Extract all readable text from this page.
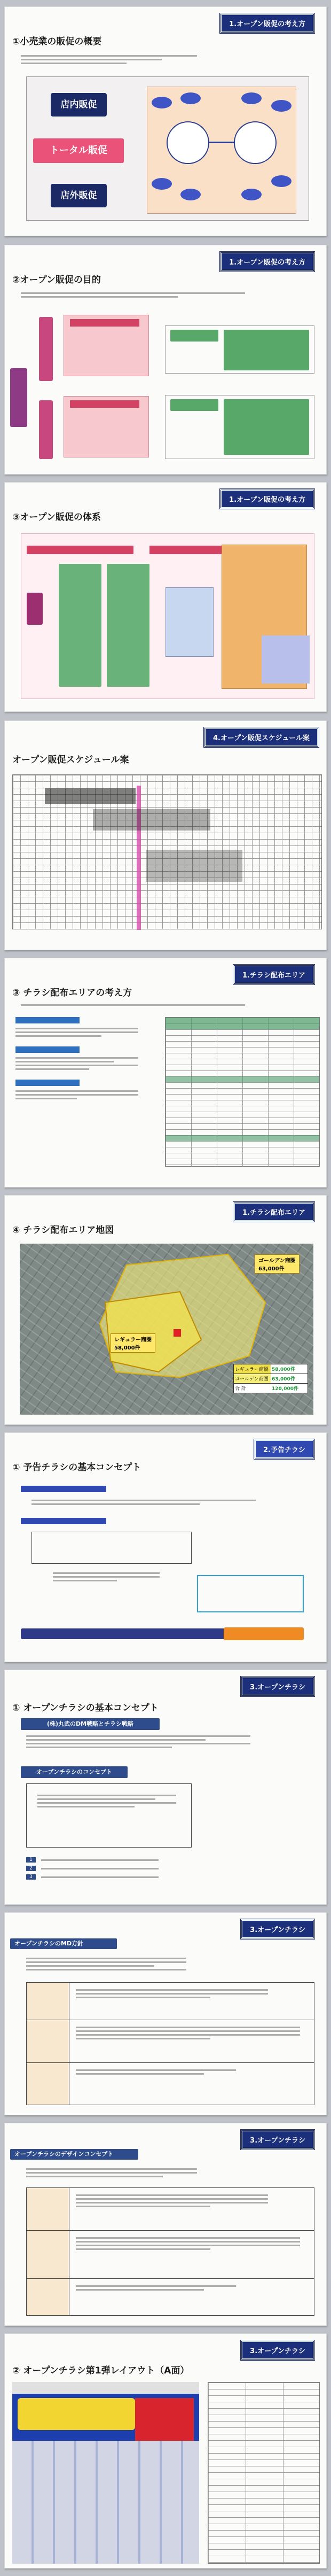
1.オープン販促の考え方
①小売業の販促の概要
店内販促
トータル販促
店外販促
1.オープン販促の考え方
②オープン販促の目的
1.オープン販促の考え方
③オープン販促の体系
4.オープン販促スケジュール案
オープン販促スケジュール案
1.チラシ配布エリア
③ チラシ配布エリアの考え方
1.チラシ配布エリア
④ チラシ配布エリア地図
レギュラー商圏
58,000件
ゴールデン商圏
63,000件
レギュラー商圏 58,000件
ゴールデン商圏 63,000件
合 計	120,000件
2.予告チラシ
① 予告チラシの基本コンセプト
3.オープンチラシ
① オープンチラシの基本コンセプト
(株)丸武のDM戦略とチラシ戦略
オープンチラシのコンセプト
1
2
3
3.オープンチラシ
オープンチラシのMD方針
3.オープンチラシ
オープンチラシのデザインコンセプト
3.オープンチラシ
② オープンチラシ第1弾レイアウト（A面）
